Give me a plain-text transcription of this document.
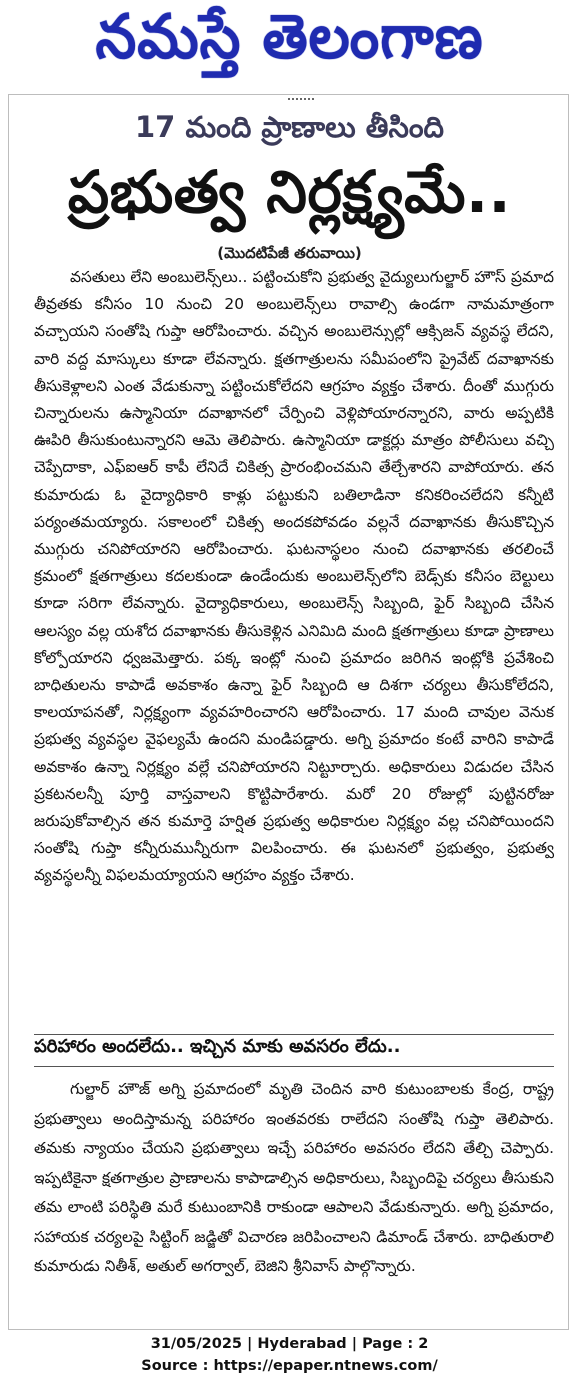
నమస్తే తెలంగాణ
17 మంది ప్రాణాలు తీసింది
ప్రభుత్వ నిర్లక్ష్యమే..
(మొదటిపేజీ తరువాయి)

వసతులు లేని అంబులెన్స్‌లు.. పట్టించుకోని ప్రభుత్వ వైద్యులుగుల్జార్ హౌస్ ప్రమాద తీవ్రతకు కనీసం 10 నుంచి 20 అంబులెన్స్‌లు రావాల్సి ఉండగా నామమాత్రంగా వచ్చాయని సంతోషి గుప్తా ఆరోపించారు. వచ్చిన అంబులెన్సుల్లో ఆక్సిజన్ వ్యవస్థ లేదని, వారి వద్ద మాస్కులు కూడా లేవన్నారు. క్షతగాత్రులను సమీపంలోని ప్రైవేట్ దవాఖానకు తీసుకెళ్లాలని ఎంత వేడుకున్నా పట్టించుకోలేదని ఆగ్రహం వ్యక్తం చేశారు. దీంతో ముగ్గురు చిన్నారులను ఉస్మానియా దవాఖానలో చేర్పించి వెళ్లిపోయారన్నారని, వారు అప్పటికి ఊపిరి తీసుకుంటున్నారని ఆమె తెలిపారు. ఉస్మానియా డాక్టర్లు మాత్రం పోలీసులు వచ్చి చెప్పేదాకా, ఎఫ్ఐఆర్ కాపీ లేనిదే చికిత్స ప్రారంభించమని తేల్చేశారని వాపోయారు. తన కుమారుడు ఓ వైద్యాధికారి కాళ్లు పట్టుకుని బతిలాడినా కనికరించలేదని కన్నీటి పర్యంతమయ్యారు. సకాలంలో చికిత్స అందకపోవడం వల్లనే దవాఖానకు తీసుకొచ్చిన ముగ్గురు చనిపోయారని ఆరోపించారు. ఘటనాస్థలం నుంచి దవాఖానకు తరలించే క్రమంలో క్షతగాత్రులు కదలకుండా ఉండేందుకు అంబులెన్స్‌లోని బెడ్స్‌కు కనీసం బెల్టులు కూడా సరిగా లేవన్నారు. వైద్యాధికారులు, అంబులెన్స్ సిబ్బంది, ఫైర్ సిబ్బంది చేసిన ఆలస్యం వల్ల యశోద దవాఖానకు తీసుకెళ్లిన ఎనిమిది మంది క్షతగాత్రులు కూడా ప్రాణాలు కోల్పోయారని ధ్వజమెత్తారు. పక్క ఇంట్లో నుంచి ప్రమాదం జరిగిన ఇంట్లోకి ప్రవేశించి బాధితులను కాపాడే అవకాశం ఉన్నా ఫైర్ సిబ్బంది ఆ దిశగా చర్యలు తీసుకోలేదని, కాలయాపనతో, నిర్లక్ష్యంగా వ్యవహరించారని ఆరోపించారు. 17 మంది చావుల వెనుక ప్రభుత్వ వ్యవస్థల వైఫల్యమే ఉందని మండిపడ్డారు. అగ్ని ప్రమాదం కంటే వారిని కాపాడే అవకాశం ఉన్నా నిర్లక్ష్యం వల్లే చనిపోయారని నిట్టూర్చారు. అధికారులు విడుదల చేసిన ప్రకటనలన్నీ పూర్తి వాస్తవాలని కొట్టిపారేశారు. మరో 20 రోజుల్లో పుట్టినరోజు జరుపుకోవాల్సిన తన కుమార్తె హర్షిత ప్రభుత్వ అధికారుల నిర్లక్ష్యం వల్ల చనిపోయిందని సంతోషి గుప్తా కన్నీరుమున్నీరుగా విలపించారు. ఈ ఘటనలో ప్రభుత్వం, ప్రభుత్వ వ్యవస్థలన్నీ విఫలమయ్యాయని ఆగ్రహం వ్యక్తం చేశారు.

పరిహారం అందలేదు.. ఇచ్చిన మాకు అవసరం లేదు..

గుల్జార్ హౌజ్ అగ్ని ప్రమాదంలో మృతి చెందిన వారి కుటుంబాలకు కేంద్ర, రాష్ట్ర ప్రభుత్వాలు అందిస్తామన్న పరిహారం ఇంతవరకు రాలేదని సంతోషి గుప్తా తెలిపారు. తమకు న్యాయం చేయని ప్రభుత్వాలు ఇచ్చే పరిహారం అవసరం లేదని తేల్చి చెప్పారు. ఇప్పటికైనా క్షతగాత్రుల ప్రాణాలను కాపాడాల్సిన అధికారులు, సిబ్బందిపై చర్యలు తీసుకుని తమ లాంటి పరిస్థితి మరే కుటుంబానికి రాకుండా ఆపాలని వేడుకున్నారు. అగ్ని ప్రమాదం, సహాయక చర్యలపై సిట్టింగ్ జడ్జితో విచారణ జరిపించాలని డిమాండ్ చేశారు. బాధితురాలి కుమారుడు నితీశ్, అతుల్ అగర్వాల్, బెజిని శ్రీనివాస్ పాల్గొన్నారు.

31/05/2025 | Hyderabad | Page : 2
Source : https://epaper.ntnews.com/
